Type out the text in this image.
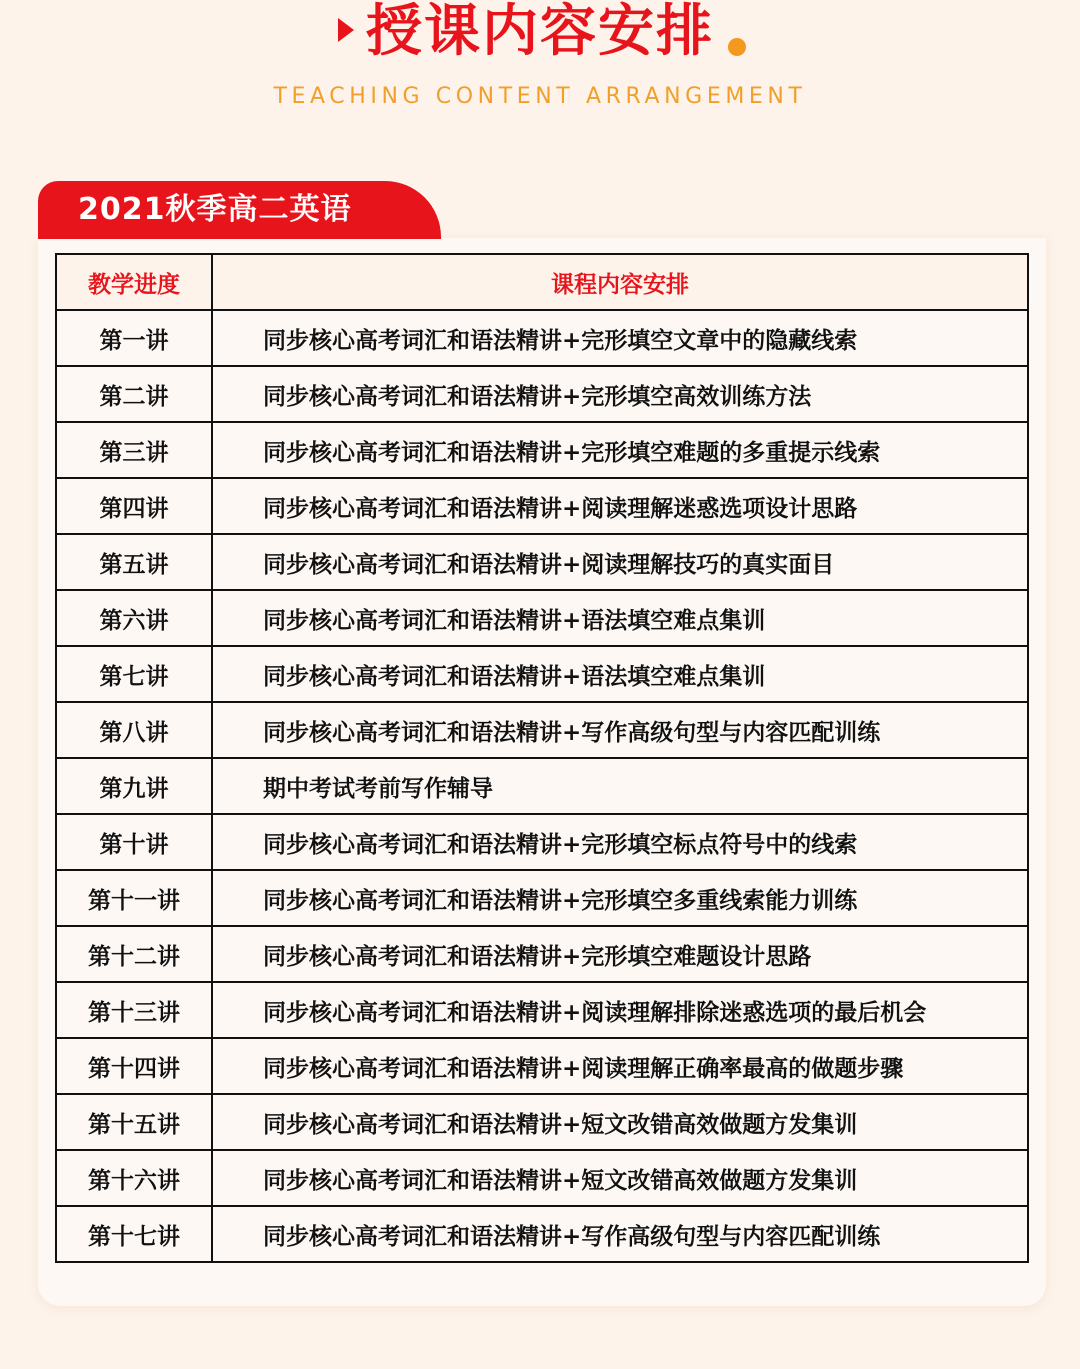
授课内容安排
TEACHING CONTENT ARRANGEMENT
2021秋季高二英语
教学进度	课程内容安排
第一讲	同步核心高考词汇和语法精讲+完形填空文章中的隐藏线索
第二讲	同步核心高考词汇和语法精讲+完形填空高效训练方法
第三讲	同步核心高考词汇和语法精讲+完形填空难题的多重提示线索
第四讲	同步核心高考词汇和语法精讲+阅读理解迷惑选项设计思路
第五讲	同步核心高考词汇和语法精讲+阅读理解技巧的真实面目
第六讲	同步核心高考词汇和语法精讲+语法填空难点集训
第七讲	同步核心高考词汇和语法精讲+语法填空难点集训
第八讲	同步核心高考词汇和语法精讲+写作高级句型与内容匹配训练
第九讲	期中考试考前写作辅导
第十讲	同步核心高考词汇和语法精讲+完形填空标点符号中的线索
第十一讲	同步核心高考词汇和语法精讲+完形填空多重线索能力训练
第十二讲	同步核心高考词汇和语法精讲+完形填空难题设计思路
第十三讲	同步核心高考词汇和语法精讲+阅读理解排除迷惑选项的最后机会
第十四讲	同步核心高考词汇和语法精讲+阅读理解正确率最高的做题步骤
第十五讲	同步核心高考词汇和语法精讲+短文改错高效做题方发集训
第十六讲	同步核心高考词汇和语法精讲+短文改错高效做题方发集训
第十七讲	同步核心高考词汇和语法精讲+写作高级句型与内容匹配训练
